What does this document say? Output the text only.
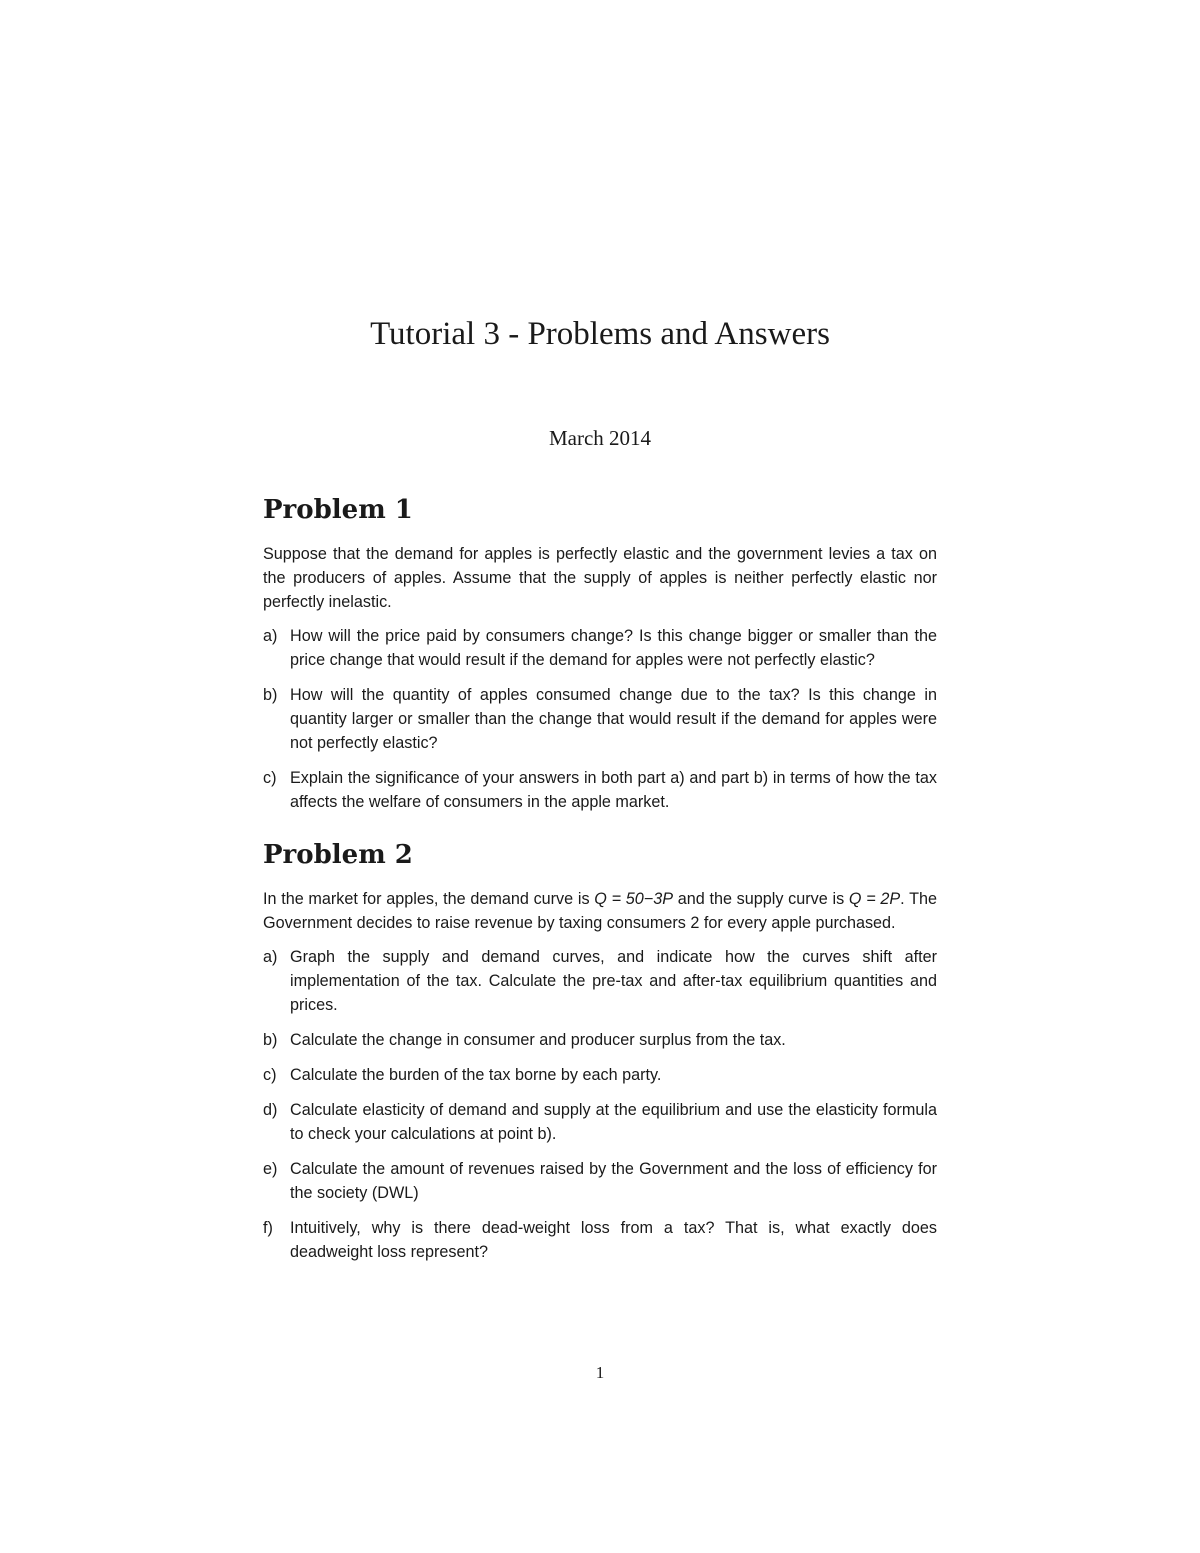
Tutorial 3 - Problems and Answers
March 2014
Problem 1

Suppose that the demand for apples is perfectly elastic and the government levies a tax on the producers of apples. Assume that the supply of apples is neither perfectly elastic nor perfectly inelastic.

a) How will the price paid by consumers change? Is this change bigger or smaller than the price change that would result if the demand for apples were not perfectly elastic?
b) How will the quantity of apples consumed change due to the tax? Is this change in quantity larger or smaller than the change that would result if the demand for apples were not perfectly elastic?
c) Explain the significance of your answers in both part a) and part b) in terms of how the tax affects the welfare of consumers in the apple market.
Problem 2

In the market for apples, the demand curve is Q = 50−3P and the supply curve is Q = 2P. The Government decides to raise revenue by taxing consumers 2 for every apple purchased.

a) Graph the supply and demand curves, and indicate how the curves shift after implementation of the tax. Calculate the pre-tax and after-tax equilibrium quantities and prices.
b) Calculate the change in consumer and producer surplus from the tax.
c) Calculate the burden of the tax borne by each party.
d) Calculate elasticity of demand and supply at the equilibrium and use the elasticity formula to check your calculations at point b).
e) Calculate the amount of revenues raised by the Government and the loss of efficiency for the society (DWL)
f) Intuitively, why is there dead-weight loss from a tax? That is, what exactly does deadweight loss represent?
1
